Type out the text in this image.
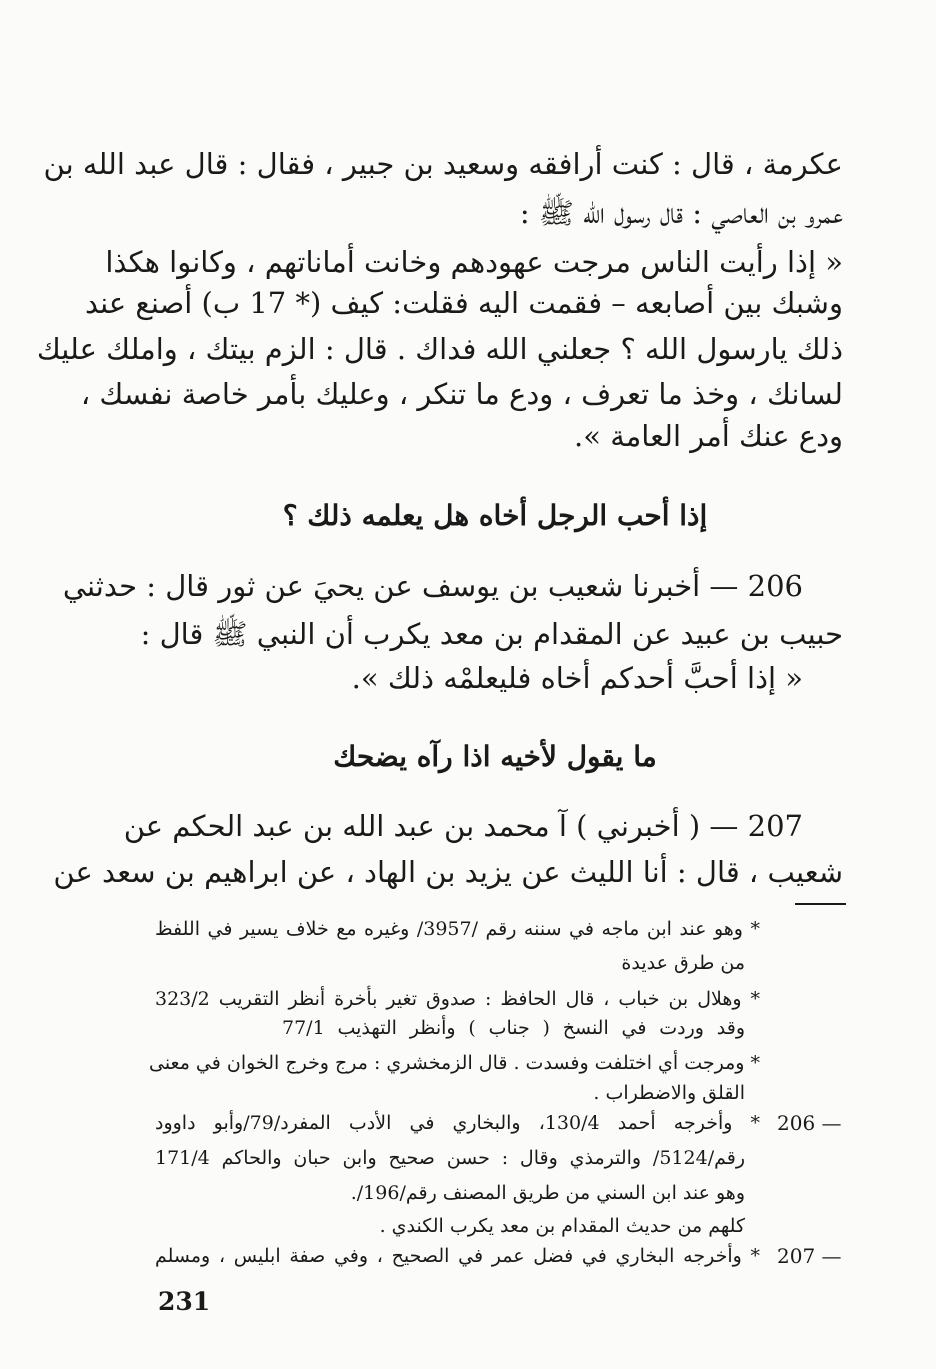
عكرمة ، قال : كنت أرافقه وسعيد بن جبير ، فقال : قال عبد الله بن
عمرو بن العاصي : قال رسول الله ﷺ :
« إذا رأيت الناس مرجت عهودهم وخانت أماناتهم ، وكانوا هكذا
وشبك بين أصابعه – فقمت اليه فقلت: كيف (* 17 ب) أصنع عند
ذلك يارسول الله ؟ جعلني الله فداك . قال : الزم بيتك ، واملك عليك
لسانك ، وخذ ما تعرف ، ودع ما تنكر ، وعليك بأمر خاصة نفسك ،
ودع عنك أمر العامة ».
إذا أحب الرجل أخاه هل يعلمه ذلك ؟
206 — أخبرنا شعيب بن يوسف عن يحيَ عن ثور قال : حدثني
حبيب بن عبيد عن المقدام بن معد يكرب أن النبي ﷺ قال :
« إذا أحبَّ أحدكم أخاه فليعلمْه ذلك ».
ما يقول لأخيه اذا رآه يضحك
207 — ( أخبرني ) آ محمد بن عبد الله بن عبد الحكم عن
شعيب ، قال : أنا الليث عن يزيد بن الهاد ، عن ابراهيم بن سعد عن
* وهو عند ابن ماجه في سننه رقم /3957/ وغيره مع خلاف يسير في اللفظ
من طرق عديدة
* وهلال بن خباب ، قال الحافظ : صدوق تغير بأخرة أنظر التقريب 323/2
وقد وردت في النسخ ( جناب ) وأنظر التهذيب 77/1
* ومرجت أي اختلفت وفسدت . قال الزمخشري : مرج وخرج الخوان في معنى
القلق والاضطراب .
206 —
* وأخرجه أحمد 130/4، والبخاري في الأدب المفرد/79/وأبو داوود
رقم/5124/ والترمذي وقال : حسن صحيح وابن حبان والحاكم 171/4
وهو عند ابن السني من طريق المصنف رقم/196/.
كلهم من حديث المقدام بن معد يكرب الكندي .
207 —
* وأخرجه البخاري في فضل عمر في الصحيح ، وفي صفة ابليس ، ومسلم
231
